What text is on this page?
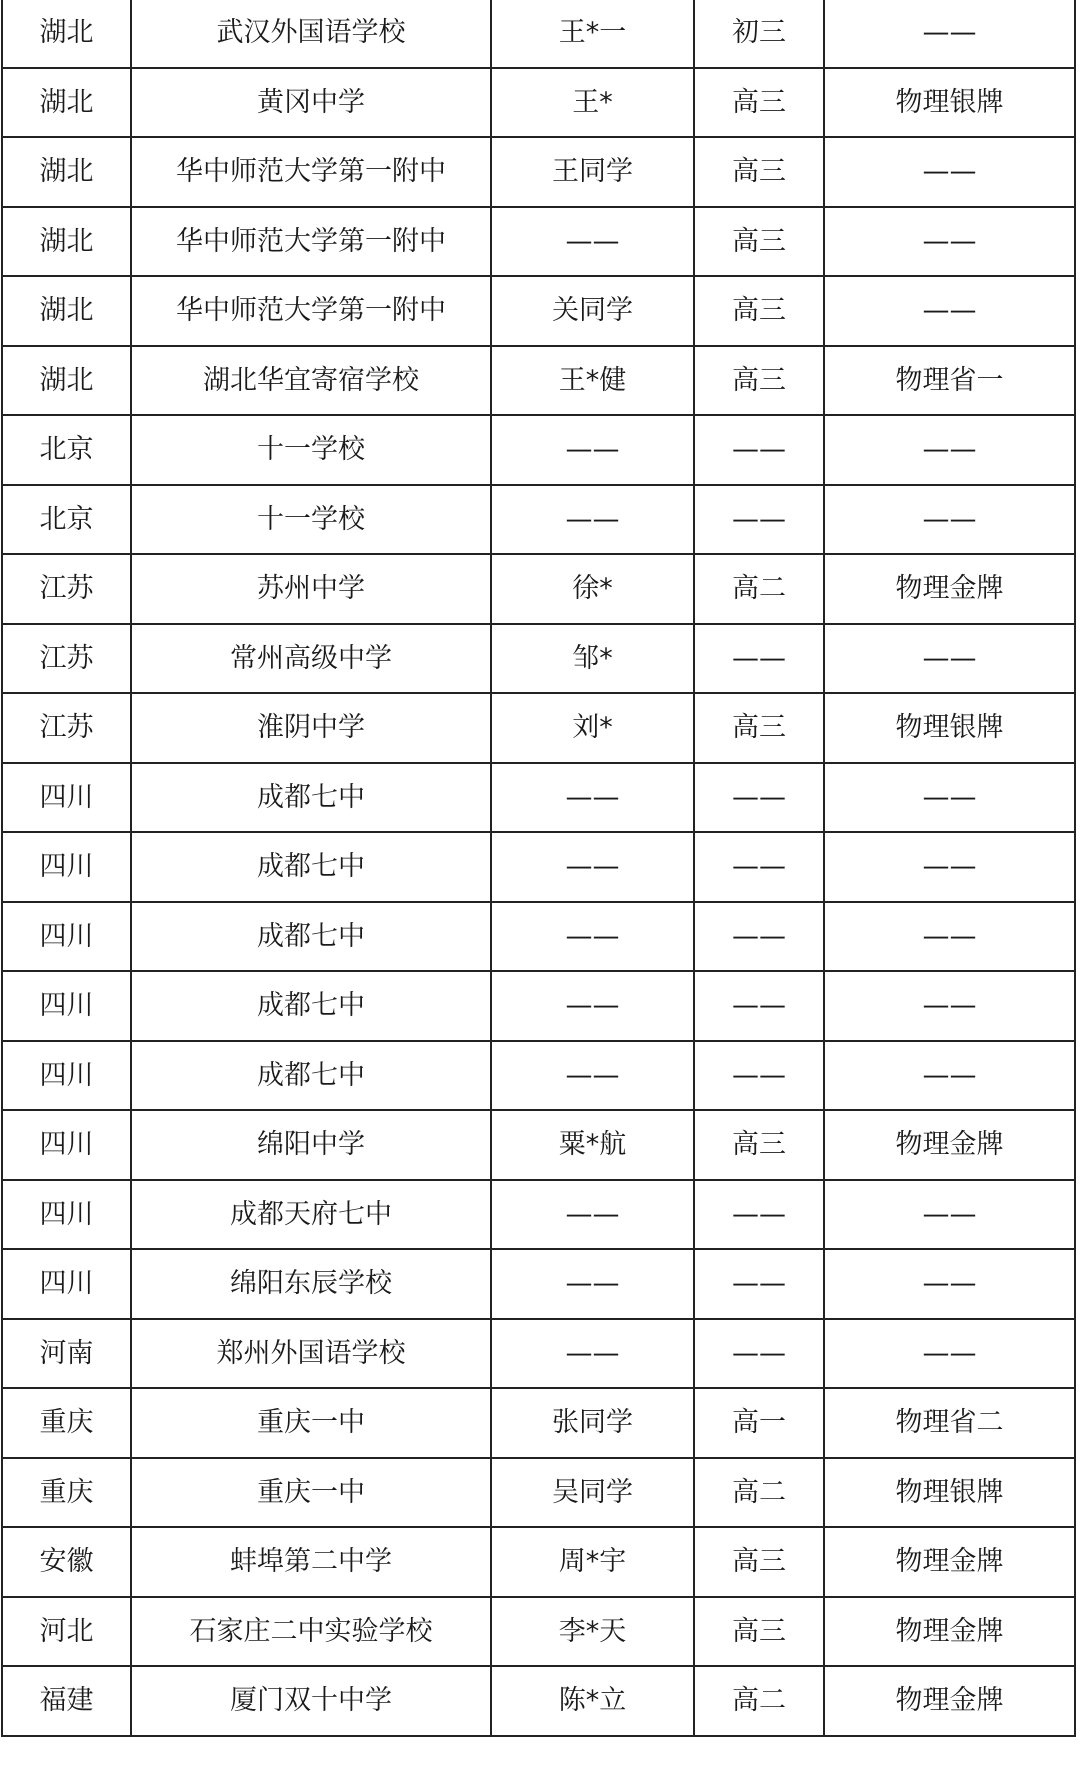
湖北	武汉外国语学校	王*一	初三	——
湖北	黄冈中学	王*	高三	物理银牌
湖北	华中师范大学第一附中	王同学	高三	——
湖北	华中师范大学第一附中	——	高三	——
湖北	华中师范大学第一附中	关同学	高三	——
湖北	湖北华宜寄宿学校	王*健	高三	物理省一
北京	十一学校	——	——	——
北京	十一学校	——	——	——
江苏	苏州中学	徐*	高二	物理金牌
江苏	常州高级中学	邹*	——	——
江苏	淮阴中学	刘*	高三	物理银牌
四川	成都七中	——	——	——
四川	成都七中	——	——	——
四川	成都七中	——	——	——
四川	成都七中	——	——	——
四川	成都七中	——	——	——
四川	绵阳中学	粟*航	高三	物理金牌
四川	成都天府七中	——	——	——
四川	绵阳东辰学校	——	——	——
河南	郑州外国语学校	——	——	——
重庆	重庆一中	张同学	高一	物理省二
重庆	重庆一中	吴同学	高二	物理银牌
安徽	蚌埠第二中学	周*宇	高三	物理金牌
河北	石家庄二中实验学校	李*天	高三	物理金牌
福建	厦门双十中学	陈*立	高二	物理金牌
